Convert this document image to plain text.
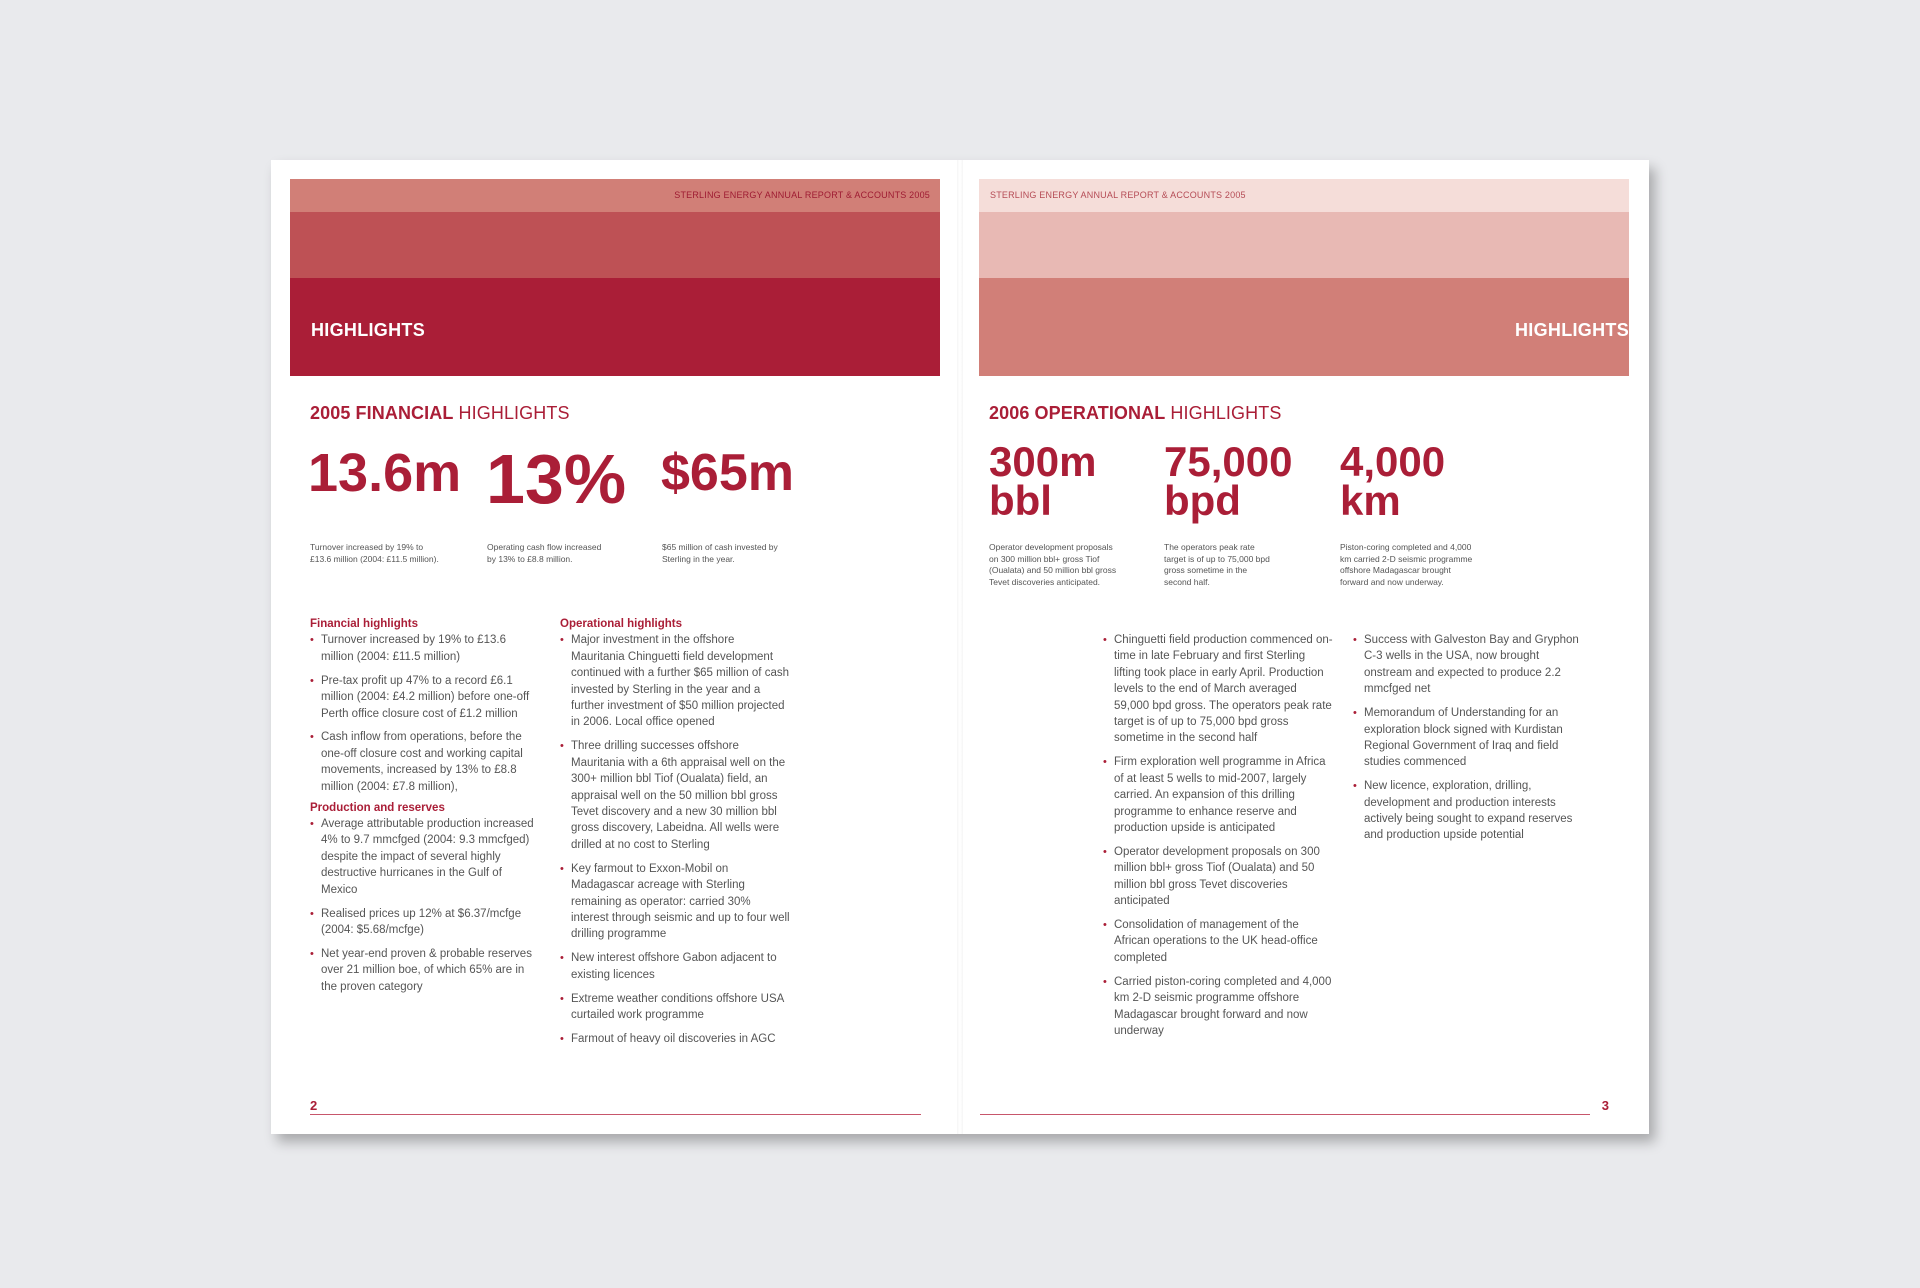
STERLING ENERGY ANNUAL REPORT & ACCOUNTS 2005
HIGHLIGHTS
2005 FINANCIAL HIGHLIGHTS
13.6m
Turnover increased by 19% to
£13.6 million (2004: £11.5 million).
13%
Operating cash flow increased
by 13% to £8.8 million.
$65m
$65 million of cash invested by
Sterling in the year.
Financial highlights
• Turnover increased by 19% to £13.6 million (2004: £11.5 million)
• Pre-tax profit up 47% to a record £6.1 million (2004: £4.2 million) before one-off Perth office closure cost of £1.2 million
• Cash inflow from operations, before the one-off closure cost and working capital movements, increased by 13% to £8.8 million (2004: £7.8 million),
Production and reserves
• Average attributable production increased 4% to 9.7 mmcfged (2004: 9.3 mmcfged) despite the impact of several highly destructive hurricanes in the Gulf of Mexico
• Realised prices up 12% at $6.37/mcfge (2004: $5.68/mcfge)
• Net year-end proven & probable reserves over 21 million boe, of which 65% are in the proven category
Operational highlights
• Major investment in the offshore Mauritania Chinguetti field development continued with a further $65 million of cash invested by Sterling in the year and a further investment of $50 million projected in 2006. Local office opened
• Three drilling successes offshore Mauritania with a 6th appraisal well on the 300+ million bbl Tiof (Oualata) field, an appraisal well on the 50 million bbl gross Tevet discovery and a new 30 million bbl gross discovery, Labeidna. All wells were drilled at no cost to Sterling
• Key farmout to Exxon-Mobil on Madagascar acreage with Sterling remaining as operator: carried 30% interest through seismic and up to four well drilling programme
• New interest offshore Gabon adjacent to existing licences
• Extreme weather conditions offshore USA curtailed work programme
• Farmout of heavy oil discoveries in AGC
2
STERLING ENERGY ANNUAL REPORT & ACCOUNTS 2005
HIGHLIGHTS
2006 OPERATIONAL HIGHLIGHTS
300m
bbl
Operator development proposals
on 300 million bbl+ gross Tiof
(Oualata) and 50 million bbl gross
Tevet discoveries anticipated.
75,000
bpd
The operators peak rate
target is of up to 75,000 bpd
gross sometime in the
second half.
4,000
km
Piston-coring completed and 4,000
km carried 2-D seismic programme
offshore Madagascar brought
forward and now underway.
• Chinguetti field production commenced on-time in late February and first Sterling lifting took place in early April. Production levels to the end of March averaged 59,000 bpd gross. The operators peak rate target is of up to 75,000 bpd gross sometime in the second half
• Firm exploration well programme in Africa of at least 5 wells to mid-2007, largely carried. An expansion of this drilling programme to enhance reserve and production upside is anticipated
• Operator development proposals on 300 million bbl+ gross Tiof (Oualata) and 50 million bbl gross Tevet discoveries anticipated
• Consolidation of management of the African operations to the UK head-office completed
• Carried piston-coring completed and 4,000 km 2-D seismic programme offshore Madagascar brought forward and now underway
• Success with Galveston Bay and Gryphon C-3 wells in the USA, now brought onstream and expected to produce 2.2 mmcfged net
• Memorandum of Understanding for an exploration block signed with Kurdistan Regional Government of Iraq and field studies commenced
• New licence, exploration, drilling, development and production interests actively being sought to expand reserves and production upside potential
3
